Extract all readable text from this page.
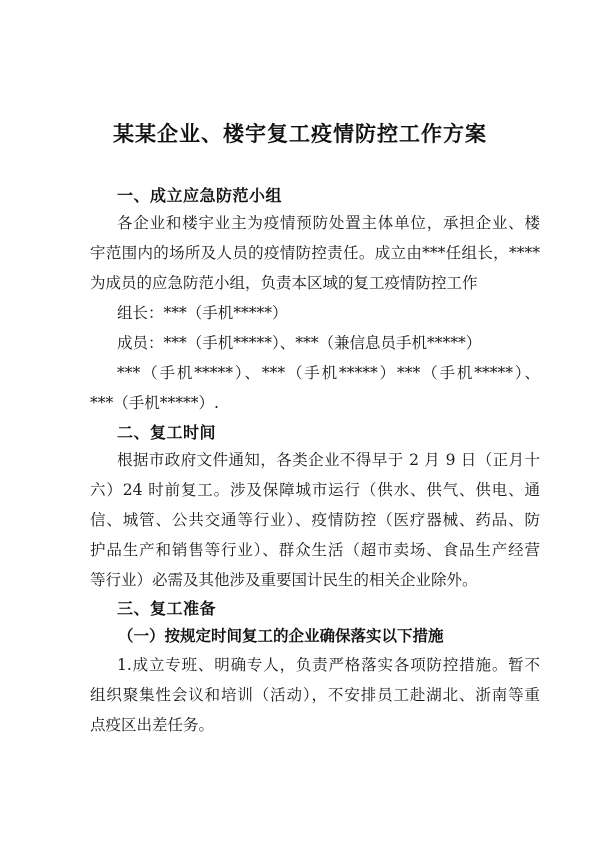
某某企业、楼宇复工疫情防控工作方案
一、成立应急防范小组
各企业和楼宇业主为疫情预防处置主体单位，承担企业、楼
宇范围内的场所及人员的疫情防控责任。成立由***任组长，****
为成员的应急防范小组，负责本区域的复工疫情防控工作
组长：***（手机*****）
成员：***（手机*****）、***（兼信息员手机*****）
***（手机*****）、***（手机*****）***（手机*****）、
***（手机*****）.
二、复工时间
根据市政府文件通知，各类企业不得早于 2 月 9 日（正月十
六）24 时前复工。涉及保障城市运行（供水、供气、供电、通
信、城管、公共交通等行业）、疫情防控（医疗器械、药品、防
护品生产和销售等行业）、群众生活（超市卖场、食品生产经营
等行业）必需及其他涉及重要国计民生的相关企业除外。
三、复工准备
（一）按规定时间复工的企业确保落实以下措施
1.成立专班、明确专人，负责严格落实各项防控措施。暂不
组织聚集性会议和培训（活动），不安排员工赴湖北、浙南等重
点疫区出差任务。
